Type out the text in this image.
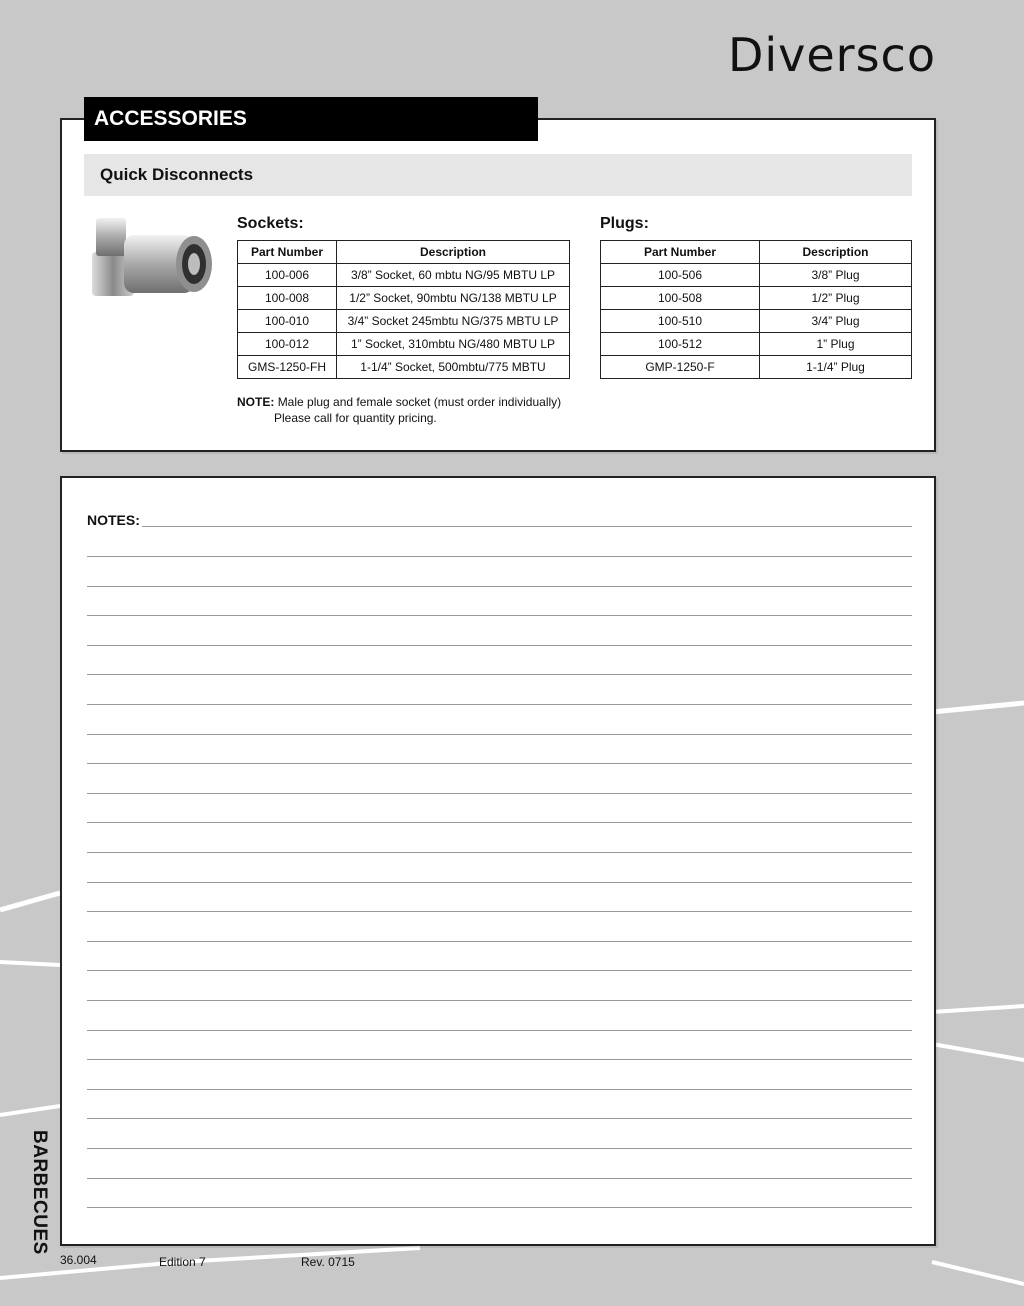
Diversco
Quick Disconnects
Sockets:
Part Number	Description
100-006	3/8” Socket, 60 mbtu NG/95 MBTU LP
100-008	1/2” Socket, 90mbtu NG/138 MBTU LP
100-010	3/4” Socket 245mbtu NG/375 MBTU LP
100-012	1” Socket, 310mbtu NG/480 MBTU LP
GMS-1250-FH	1-1/4” Socket, 500mbtu/775 MBTU
Plugs:
Part Number	Description
100-506	3/8” Plug
100-508	1/2” Plug
100-510	3/4” Plug
100-512	1” Plug
GMP-1250-F	1-1/4” Plug
NOTE: Male plug and female socket (must order individually)
Please call for quantity pricing.
ACCESSORIES
NOTES:
BARBECUES
36.004	Edition 7	Rev. 0715
